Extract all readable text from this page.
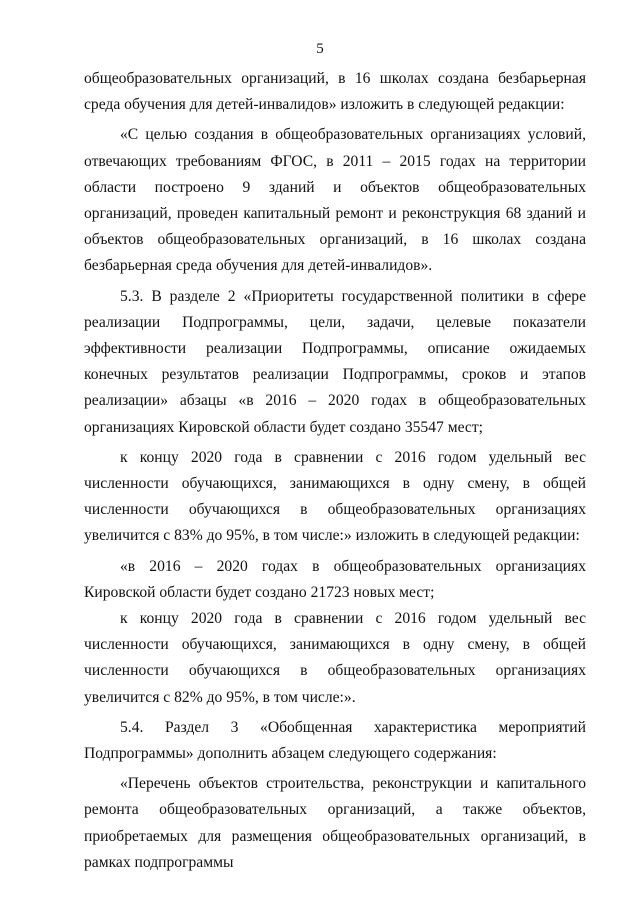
5

общеобразовательных организаций, в 16 школах создана безбарьерная среда обучения для детей-инвалидов» изложить в следующей редакции:

«С целью создания в общеобразовательных организациях условий, отвечающих требованиям ФГОС, в 2011 – 2015 годах на территории области построено 9 зданий и объектов общеобразовательных организаций, проведен капитальный ремонт и реконструкция 68 зданий и объектов общеобразовательных организаций, в 16 школах создана безбарьерная среда обучения для детей-инвалидов».

5.3. В разделе 2 «Приоритеты государственной политики в сфере реализации Подпрограммы, цели, задачи, целевые показатели эффективности реализации Подпрограммы, описание ожидаемых конечных результатов реализации Подпрограммы, сроков и этапов реализации» абзацы «в 2016 – 2020 годах в общеобразовательных организациях Кировской области будет создано 35547 мест;

к концу 2020 года в сравнении с 2016 годом удельный вес численности обучающихся, занимающихся в одну смену, в общей численности обучающихся в общеобразовательных организациях увеличится с 83% до 95%, в том числе:» изложить в следующей редакции:

«в 2016 – 2020 годах в общеобразовательных организациях Кировской области будет создано 21723 новых мест;

к концу 2020 года в сравнении с 2016 годом удельный вес численности обучающихся, занимающихся в одну смену, в общей численности обучающихся в общеобразовательных организациях увеличится с 82% до 95%, в том числе:».

5.4. Раздел 3 «Обобщенная характеристика мероприятий Подпрограммы» дополнить абзацем следующего содержания:

«Перечень объектов строительства, реконструкции и капитального ремонта общеобразовательных организаций, а также объектов, приобретаемых для размещения общеобразовательных организаций, в рамках подпрограммы
